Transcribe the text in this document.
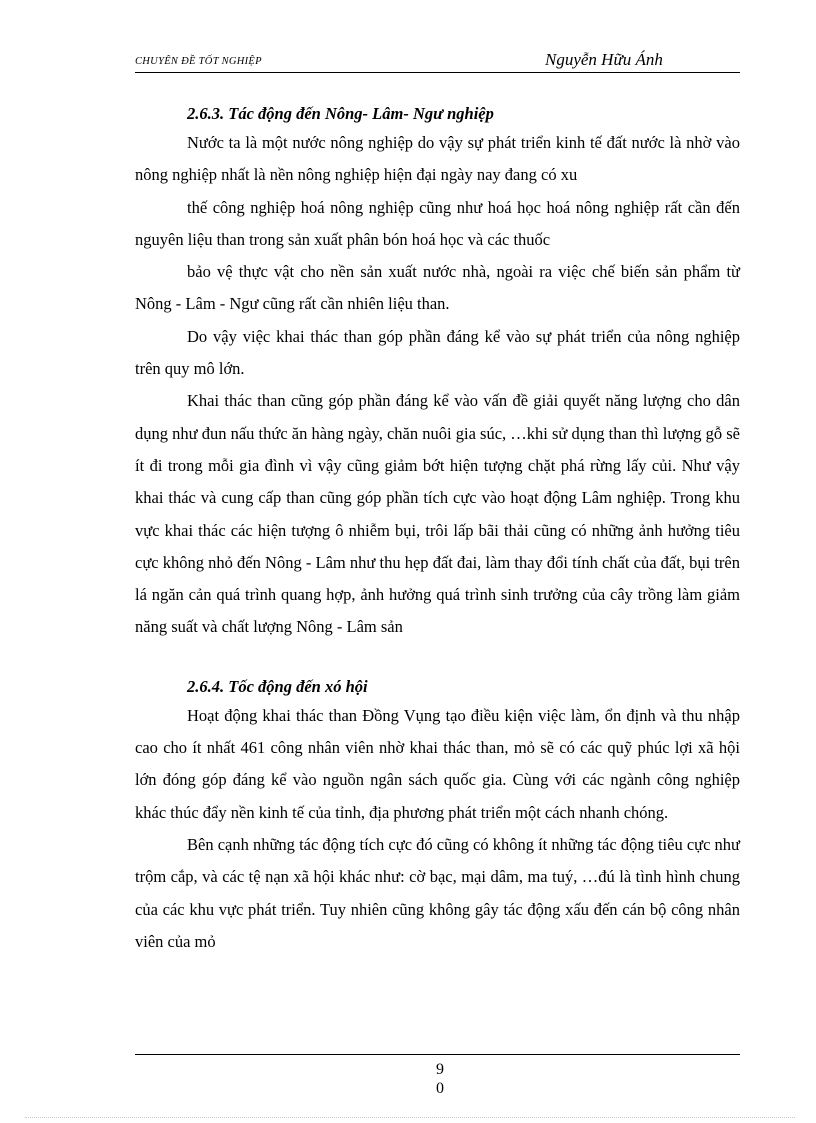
CHUYÊN ĐỀ TỐT NGHIỆP	Nguyễn Hữu Ánh
2.6.3. Tác động đến Nông- Lâm- Ngư nghiệp

Nước ta là một nước nông nghiệp do vậy sự phát triển kinh tế đất nước là nhờ vào nông nghiệp nhất là nền nông nghiệp hiện đại ngày nay đang có xu

thế công nghiệp hoá nông nghiệp cũng như hoá học hoá nông nghiệp rất cần đến nguyên liệu than trong sản xuất phân bón hoá học và các thuốc

bảo vệ thực vật cho nền sản xuất nước nhà, ngoài ra việc chế biến sản phẩm từ Nông - Lâm - Ngư cũng rất cần nhiên liệu than.

Do vậy việc khai thác than góp phần đáng kể vào sự phát triển của nông nghiệp trên quy mô lớn.

Khai thác than cũng góp phần đáng kể vào vấn đề giải quyết năng lượng cho dân dụng như đun nấu thức ăn hàng ngày, chăn nuôi gia súc, …khi sử dụng than thì lượng gỗ sẽ ít đi trong mỗi gia đình vì vậy cũng giảm bớt hiện tượng chặt phá rừng lấy củi. Như vậy khai thác và cung cấp than cũng góp phần tích cực vào hoạt động Lâm nghiệp. Trong khu vực khai thác các hiện tượng ô nhiễm bụi, trôi lấp bãi thải cũng có những ảnh hưởng tiêu cực không nhỏ đến Nông - Lâm như thu hẹp đất đai, làm thay đổi tính chất của đất, bụi trên lá ngăn cản quá trình quang hợp, ảnh hưởng quá trình sinh trưởng của cây trồng làm giảm năng suất và chất lượng Nông - Lâm sản

2.6.4. Tốc động đến xó hội

Hoạt động khai thác than Đồng Vụng tạo điều kiện việc làm, ổn định và thu nhập cao cho ít nhất 461 công nhân viên nhờ khai thác than, mỏ sẽ có các quỹ phúc lợi xã hội lớn đóng góp đáng kể vào nguồn ngân sách quốc gia. Cùng với các ngành công nghiệp khác thúc đẩy nền kinh tế của tỉnh, địa phương phát triển một cách nhanh chóng.

Bên cạnh những tác động tích cực đó cũng có không ít những tác động tiêu cực như trộm cắp, và các tệ nạn xã hội khác như: cờ bạc, mại dâm, ma tuý, …đú là tình hình chung của các khu vực phát triển. Tuy nhiên cũng không gây tác động xấu đến cán bộ công nhân viên của mỏ

9
0
